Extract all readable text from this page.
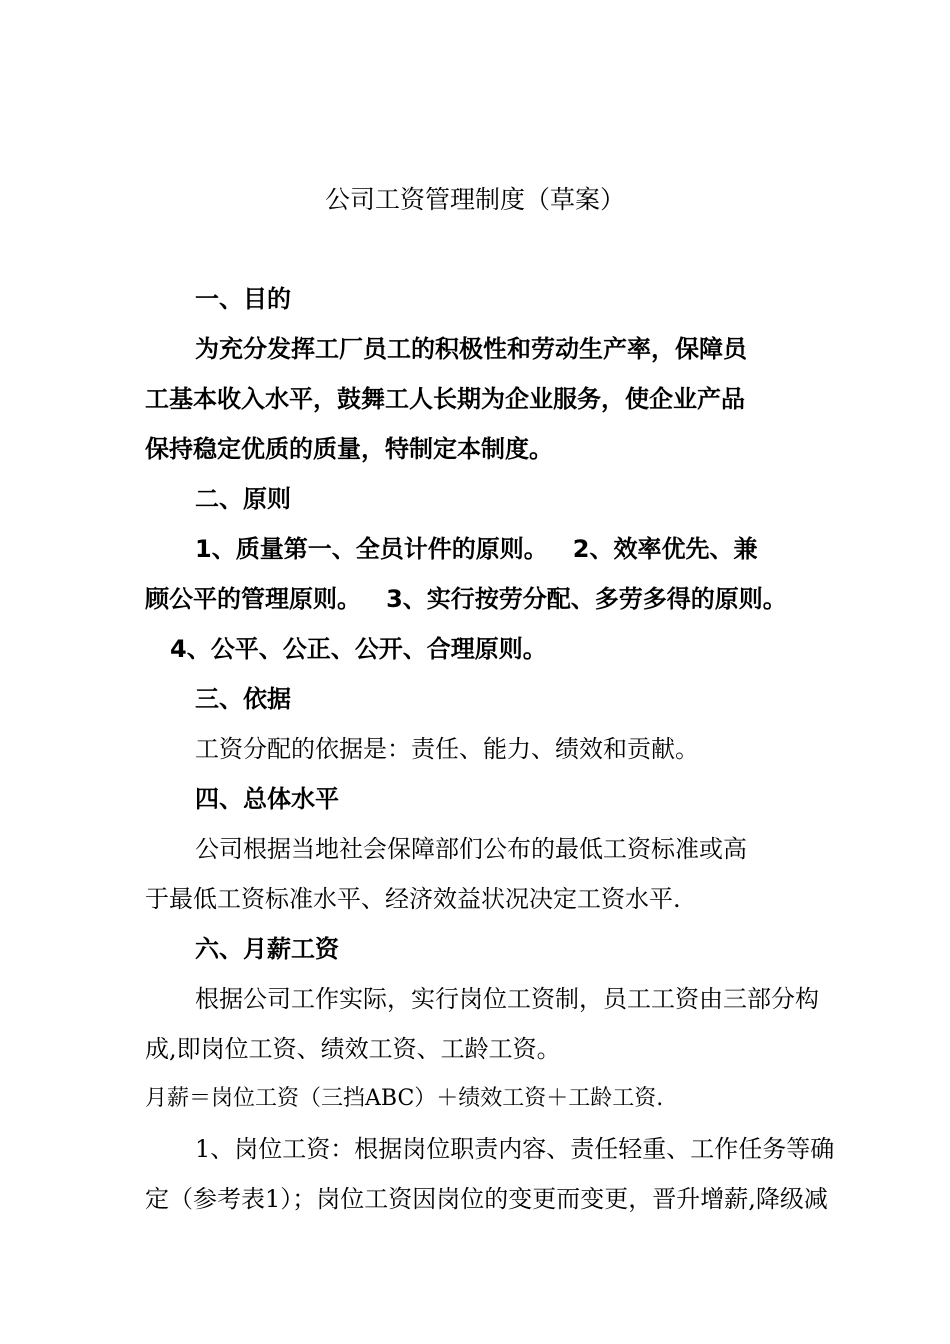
公司工资管理制度（草案）
一、目的
为充分发挥工厂员工的积极性和劳动生产率，保障员
工基本收入水平，鼓舞工人长期为企业服务，使企业产品
保持稳定优质的质量，特制定本制度。
二、原则
1、质量第一、全员计件的原则。   2、效率优先、兼
顾公平的管理原则。   3、实行按劳分配、多劳多得的原则。
4、公平、公正、公开、合理原则。
三、依据
工资分配的依据是：责任、能力、绩效和贡献。
四、总体水平
公司根据当地社会保障部们公布的最低工资标准或高
于最低工资标准水平、经济效益状况决定工资水平.
六、月薪工资
根据公司工作实际，实行岗位工资制，员工工资由三部分构
成,即岗位工资、绩效工资、工龄工资。
月薪＝岗位工资（三挡ABC）＋绩效工资＋工龄工资.
1、岗位工资：根据岗位职责内容、责任轻重、工作任务等确
定（参考表1）；岗位工资因岗位的变更而变更，晋升增薪,降级减
